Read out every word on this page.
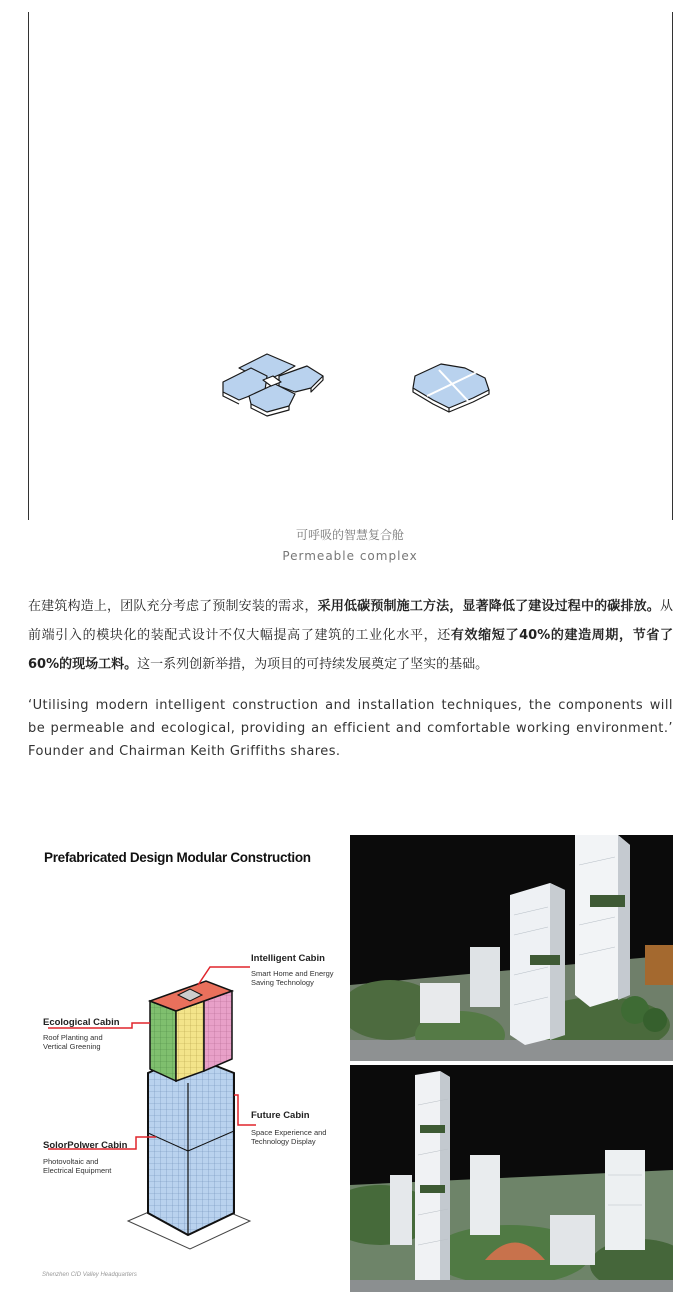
可呼吸的智慧复合舱
Permeable complex

在建筑构造上，团队充分考虑了预制安装的需求，采用低碳预制施工方法，显著降低了建设过程中的碳排放。从前端引入的模块化的装配式设计不仅大幅提高了建筑的工业化水平，还有效缩短了40%的建造周期，节省了60%的现场工料。这一系列创新举措，为项目的可持续发展奠定了坚实的基础。

‘Utilising modern intelligent construction and installation techniques, the components will be permeable and ecological, providing an efficient and comfortable working environment.’ Founder and Chairman Keith Griffiths shares.

Prefabricated Design Modular Construction
Intelligent Cabin
Smart Home and Energy
Saving Technology
Ecological Cabin
Roof Planting and
Vertical Greening
Future Cabin
Space Experience and
Technology Display
SolorPolwer Cabin
Photovoltaic and
Electrical Equipment
Shenzhen CID Valley Headquarters
